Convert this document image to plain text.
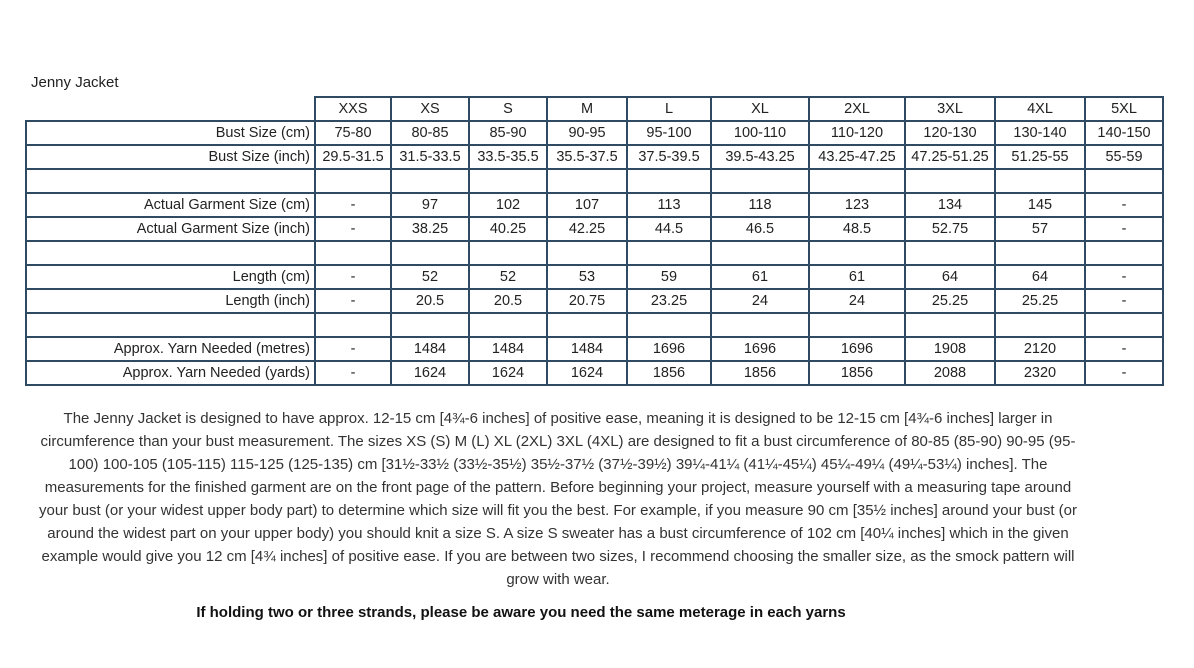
Jenny Jacket
	XXS	XS	S	M	L	XL	2XL	3XL	4XL	5XL
Bust Size (cm)	75-80	80-85	85-90	90-95	95-100	100-110	110-120	120-130	130-140	140-150
Bust Size (inch)	29.5-31.5	31.5-33.5	33.5-35.5	35.5-37.5	37.5-39.5	39.5-43.25	43.25-47.25	47.25-51.25	51.25-55	55-59

Actual Garment Size (cm)	-	97	102	107	113	118	123	134	145	-
Actual Garment Size (inch)	-	38.25	40.25	42.25	44.5	46.5	48.5	52.75	57	-

Length (cm)	-	52	52	53	59	61	61	64	64	-
Length (inch)	-	20.5	20.5	20.75	23.25	24	24	25.25	25.25	-

Approx. Yarn Needed (metres)	-	1484	1484	1484	1696	1696	1696	1908	2120	-
Approx. Yarn Needed (yards)	-	1624	1624	1624	1856	1856	1856	2088	2320	-

The Jenny Jacket is designed to have approx. 12-15 cm [4¾-6 inches] of positive ease, meaning it is designed to be 12-15 cm [4¾-6 inches] larger in circumference than your bust measurement. The sizes XS (S) M (L) XL (2XL) 3XL (4XL) are designed to fit a bust circumference of 80-85 (85-90) 90-95 (95-100) 100-105 (105-115) 115-125 (125-135) cm [31½-33½ (33½-35½) 35½-37½ (37½-39½) 39¼-41¼ (41¼-45¼) 45¼-49¼ (49¼-53¼) inches]. The measurements for the finished garment are on the front page of the pattern. Before beginning your project, measure yourself with a measuring tape around your bust (or your widest upper body part) to determine which size will fit you the best. For example, if you measure 90 cm [35½ inches] around your bust (or around the widest part on your upper body) you should knit a size S. A size S sweater has a bust circumference of 102 cm [40¼ inches] which in the given example would give you 12 cm [4¾ inches] of positive ease. If you are between two sizes, I recommend choosing the smaller size, as the smock pattern will grow with wear.

If holding two or three strands, please be aware you need the same meterage in each yarns
